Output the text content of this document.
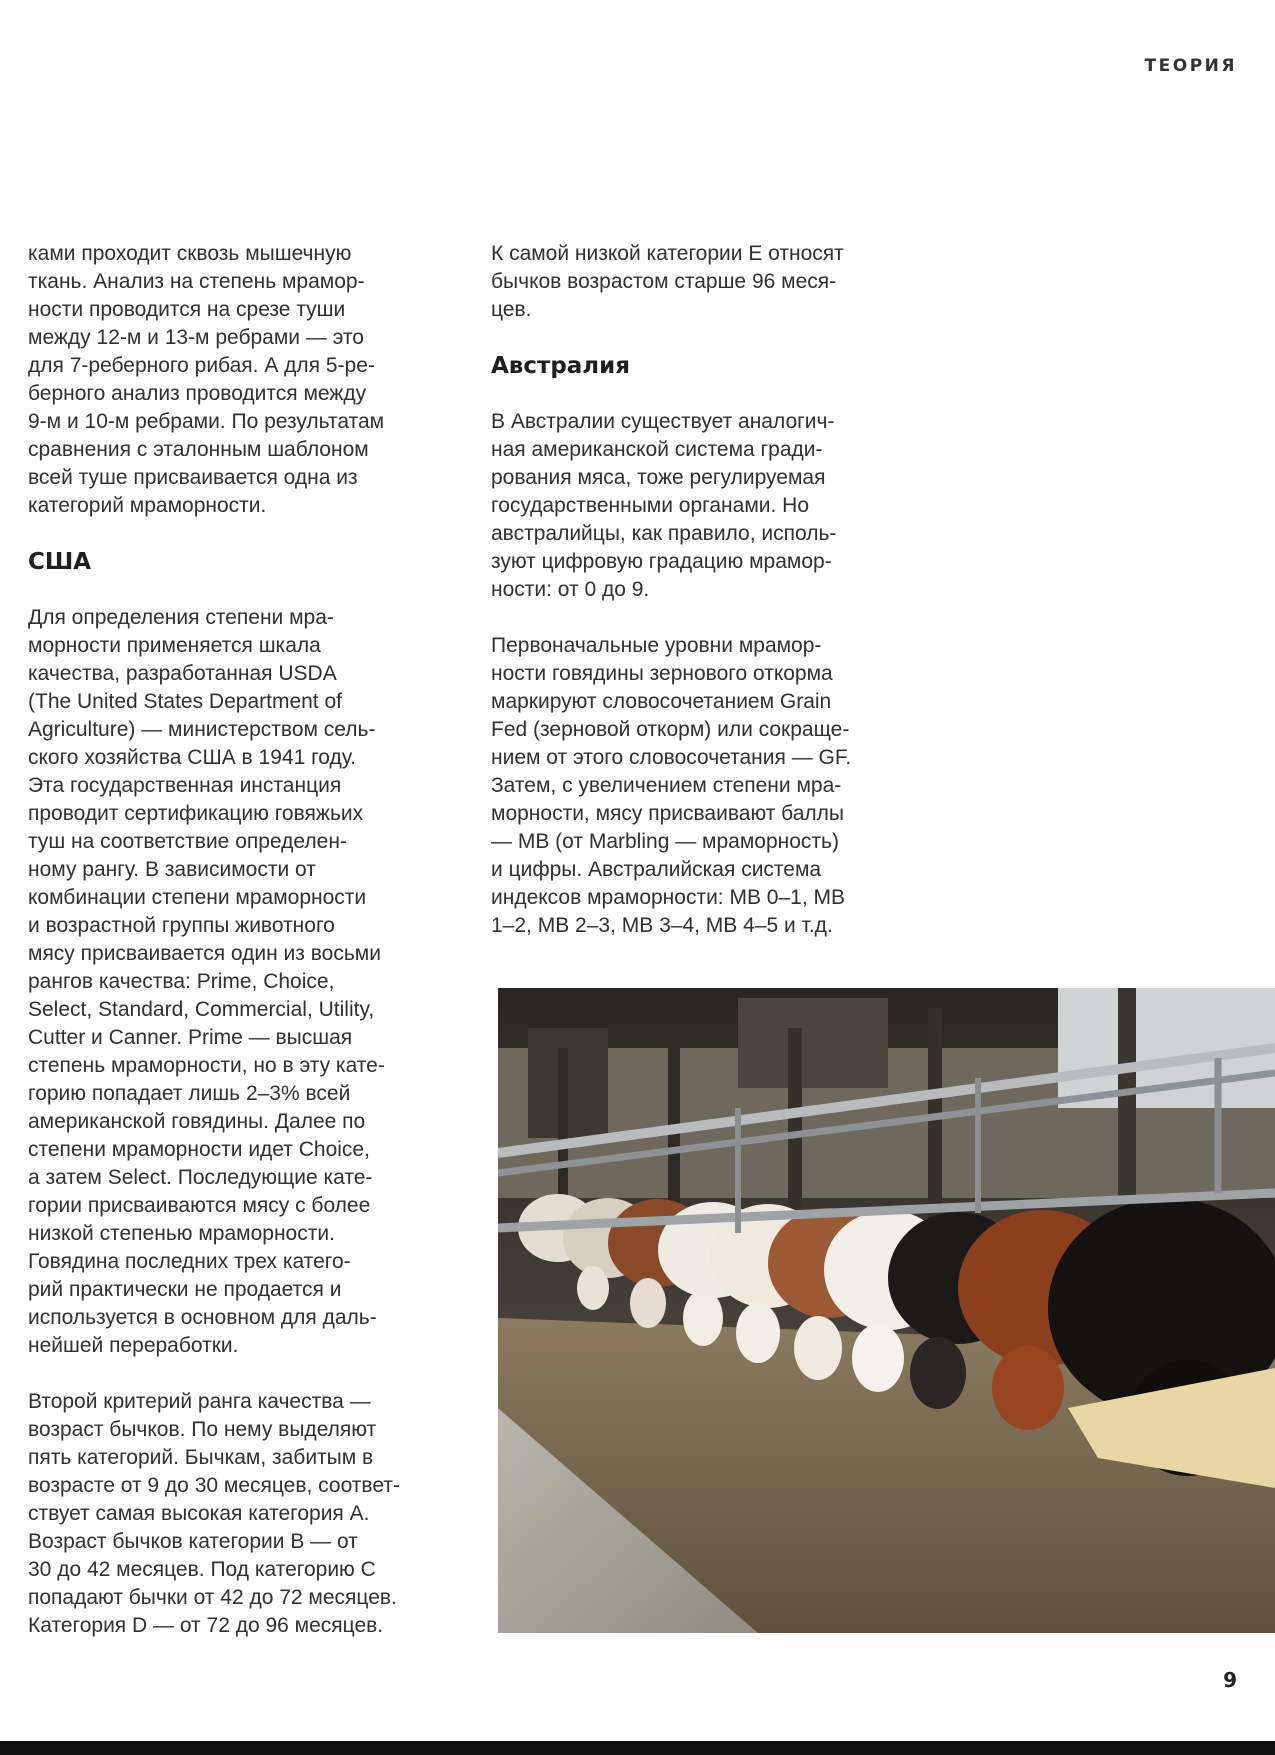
ТЕОРИЯ

ками проходит сквозь мышечную
ткань. Анализ на степень мрамор-
ности проводится на срезе туши
между 12-м и 13-м ребрами — это
для 7-реберного рибая. А для 5-ре-
берного анализ проводится между
9-м и 10-м ребрами. По результатам
сравнения с эталонным шаблоном
всей туше присваивается одна из
категорий мраморности.

США

Для определения степени мра-
морности применяется шкала
качества, разработанная USDA
(The United States Department of
Agriculture) — министерством сель-
ского хозяйства США в 1941 году.
Эта государственная инстанция
проводит сертификацию говяжьих
туш на соответствие определен-
ному рангу. В зависимости от
комбинации степени мраморности
и возрастной группы животного
мясу присваивается один из восьми
рангов качества: Prime, Choice,
Select, Standard, Commercial, Utility,
Cutter и Canner. Prime — высшая
степень мраморности, но в эту кате-
горию попадает лишь 2–3% всей
американской говядины. Далее по
степени мраморности идет Choice,
а затем Select. Последующие кате-
гории присваиваются мясу с более
низкой степенью мраморности.
Говядина последних трех катего-
рий практически не продается и
используется в основном для даль-
нейшей переработки.

Второй критерий ранга качества —
возраст бычков. По нему выделяют
пять категорий. Бычкам, забитым в
возрасте от 9 до 30 месяцев, соответ-
ствует самая высокая категория А.
Возраст бычков категории В — от
30 до 42 месяцев. Под категорию С
попадают бычки от 42 до 72 месяцев.
Категория D — от 72 до 96 месяцев.

К самой низкой категории Е относят
бычков возрастом старше 96 меся-
цев.

Австралия

В Австралии существует аналогич-
ная американской система гради-
рования мяса, тоже регулируемая
государственными органами. Но
австралийцы, как правило, исполь-
зуют цифровую градацию мрамор-
ности: от 0 до 9.

Первоначальные уровни мрамор-
ности говядины зернового откорма
маркируют словосочетанием Grain
Fed (зерновой откорм) или сокраще-
нием от этого словосочетания — GF.
Затем, с увеличением степени мра-
морности, мясу присваивают баллы
— MB (от Marbling — мраморность)
и цифры. Австралийская система
индексов мраморности: MB 0–1, MB
1–2, MB 2–3, MB 3–4, MB 4–5 и т.д.

9
